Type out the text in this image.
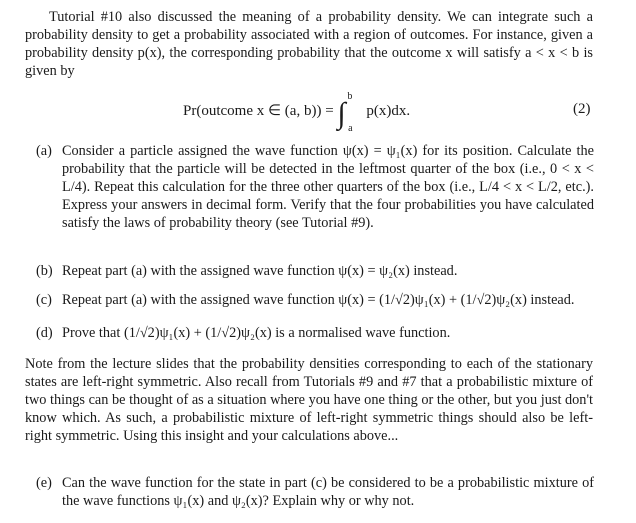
Tutorial #10 also discussed the meaning of a probability density. We can integrate such a probability density to get a probability associated with a region of outcomes. For instance, given a probability density p(x), the corresponding probability that the outcome x will satisfy a < x < b is given by
Pr(outcome x ∈ (a, b)) = ∫ $^b$ $_a$ p(x)dx.	(2)
(a) Consider a particle assigned the wave function ψ(x) = ψ₁(x) for its position. Calculate the probability that the particle will be detected in the leftmost quarter of the box (i.e., 0 < x < L/4). Repeat this calculation for the three other quarters of the box (i.e., L/4 < x < L/2, etc.). Express your answers in decimal form. Verify that the four probabilities you have calculated satisfy the laws of probability theory (see Tutorial #9).
(b) Repeat part (a) with the assigned wave function ψ(x) = ψ₂(x) instead.
(c) Repeat part (a) with the assigned wave function ψ(x) = (1/√2)ψ₁(x) + (1/√2)ψ₂(x) instead.
(d) Prove that (1/√2)ψ₁(x) + (1/√2)ψ₂(x) is a normalised wave function.
Note from the lecture slides that the probability densities corresponding to each of the stationary states are left-right symmetric. Also recall from Tutorials #9 and #7 that a probabilistic mixture of two things can be thought of as a situation where you have one thing or the other, but you just don't know which. As such, a probabilistic mixture of left-right symmetric things should also be left-right symmetric. Using this insight and your calculations above...
(e) Can the wave function for the state in part (c) be considered to be a probabilistic mixture of the wave functions ψ₁(x) and ψ₂(x)? Explain why or why not.
